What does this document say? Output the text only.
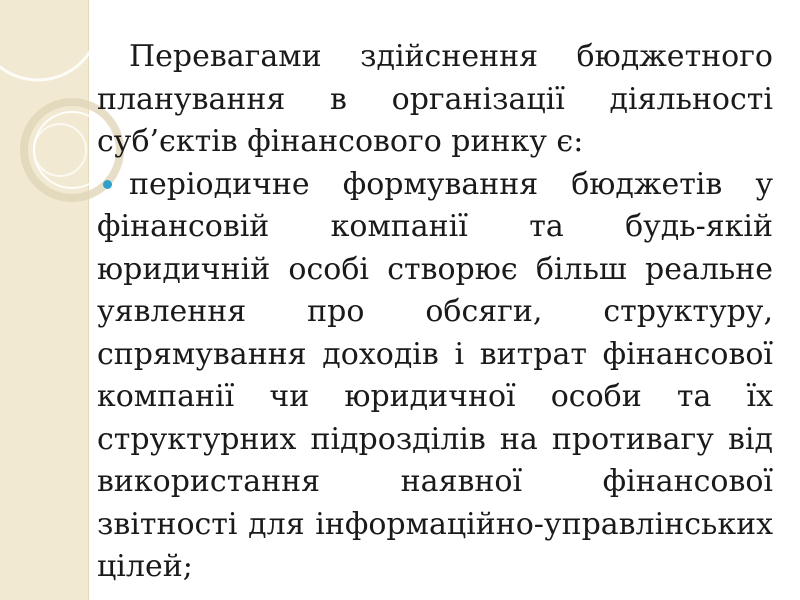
Перевагами здійснення бюджетного планування в організації діяльності суб’єктів фінансового ринку є:

періодичне формування бюджетів у фінансовій компанії та будь-якій юридичній особі створює більш реальне уявлення про обсяги, структуру, спрямування доходів і витрат фінансової компанії чи юридичної особи та їх структурних підрозділів на противагу від використання наявної фінансової звітності для інформаційно-управлінських цілей;
